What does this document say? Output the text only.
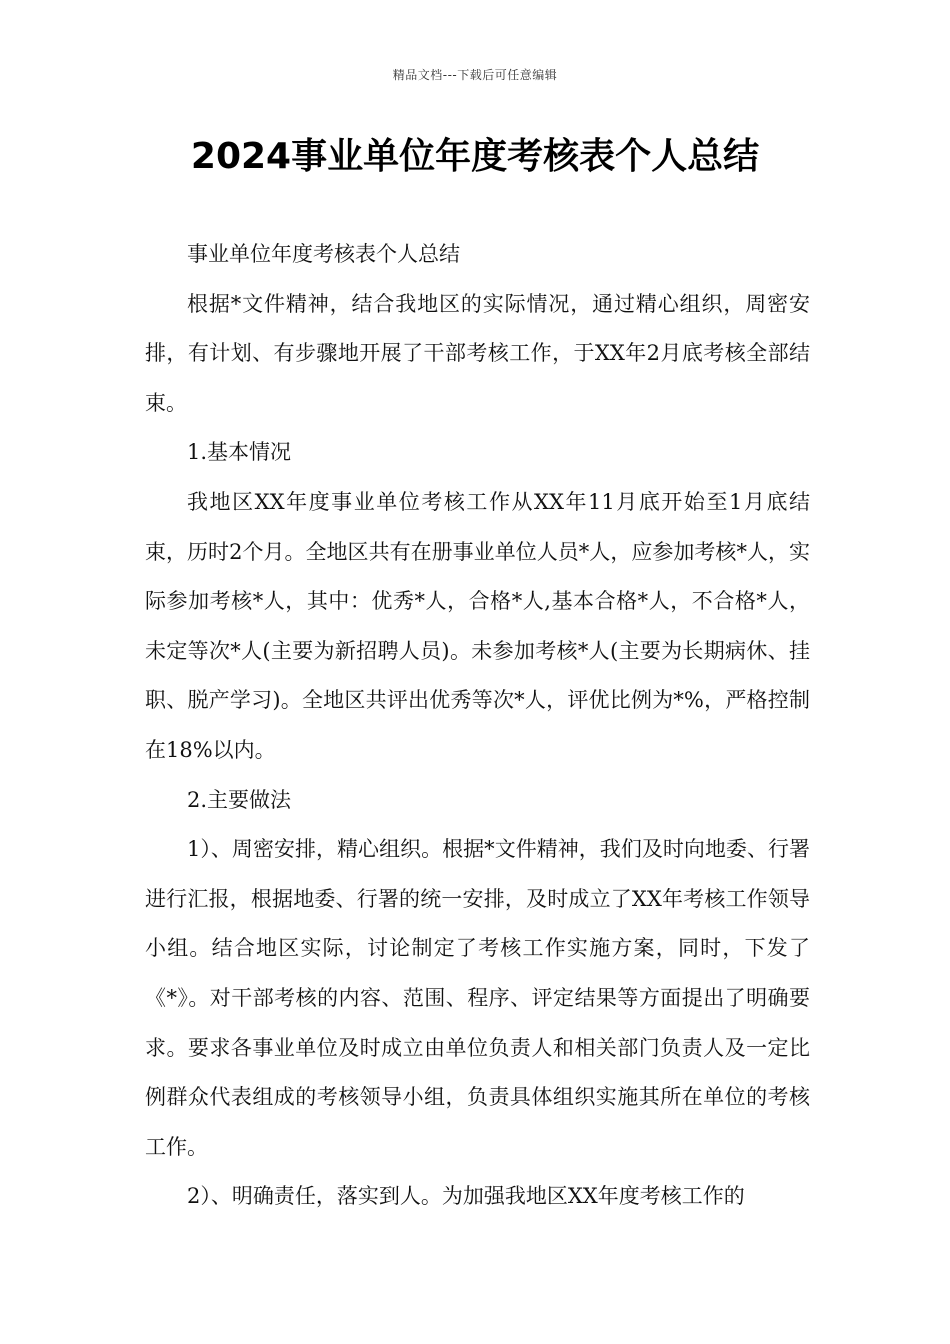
精品文档---下载后可任意编辑
2024事业单位年度考核表个人总结

事业单位年度考核表个人总结

根据*文件精神，结合我地区的实际情况，通过精心组织，周密安排，有计划、有步骤地开展了干部考核工作，于XX年2月底考核全部结束。

1.基本情况

我地区XX年度事业单位考核工作从XX年11月底开始至1月底结束，历时2个月。全地区共有在册事业单位人员*人，应参加考核*人，实际参加考核*人，其中：优秀*人，合格*人,基本合格*人，不合格*人，未定等次*人(主要为新招聘人员)。未参加考核*人(主要为长期病休、挂职、脱产学习)。全地区共评出优秀等次*人，评优比例为*%，严格控制在18%以内。

2.主要做法

1）、周密安排，精心组织。根据*文件精神，我们及时向地委、行署进行汇报，根据地委、行署的统一安排，及时成立了XX年考核工作领导小组。结合地区实际，讨论制定了考核工作实施方案，同时，下发了《*》。对干部考核的内容、范围、程序、评定结果等方面提出了明确要求。要求各事业单位及时成立由单位负责人和相关部门负责人及一定比例群众代表组成的考核领导小组，负责具体组织实施其所在单位的考核工作。

2）、明确责任，落实到人。为加强我地区XX年度考核工作的
